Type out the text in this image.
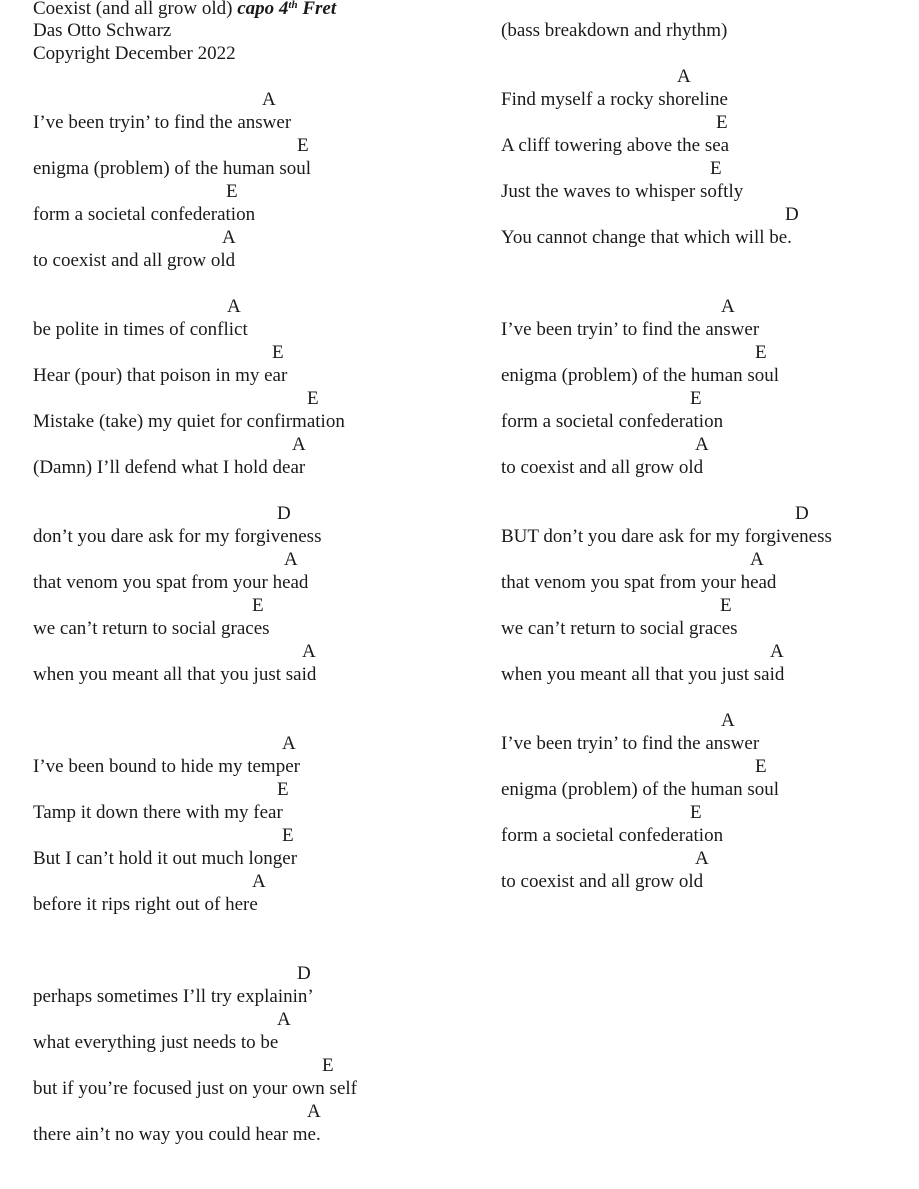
Coexist (and all grow old) capo 4th Fret
Das Otto Schwarz
Copyright December 2022
A
I’ve been tryin’ to find the answer
E
enigma (problem) of the human soul
E
form a societal confederation
A
to coexist and all grow old
A
be polite in times of conflict
E
Hear (pour) that poison in my ear
E
Mistake (take) my quiet for confirmation
A
(Damn) I’ll defend what I hold dear
D
don’t you dare ask for my forgiveness
A
that venom you spat from your head
E
we can’t return to social graces
A
when you meant all that you just said
A
I’ve been bound to hide my temper
E
Tamp it down there with my fear
E
But I can’t hold it out much longer
A
before it rips right out of here
D
perhaps sometimes I’ll try explainin’
A
what everything just needs to be
E
but if you’re focused just on your own self
A
there ain’t no way you could hear me.
(bass breakdown and rhythm)
A
Find myself a rocky shoreline
E
A cliff towering above the sea
E
Just the waves to whisper softly
D
You cannot change that which will be.
A
I’ve been tryin’ to find the answer
E
enigma (problem) of the human soul
E
form a societal confederation
A
to coexist and all grow old
D
BUT don’t you dare ask for my forgiveness
A
that venom you spat from your head
E
we can’t return to social graces
A
when you meant all that you just said
A
I’ve been tryin’ to find the answer
E
enigma (problem) of the human soul
E
form a societal confederation
A
to coexist and all grow old
